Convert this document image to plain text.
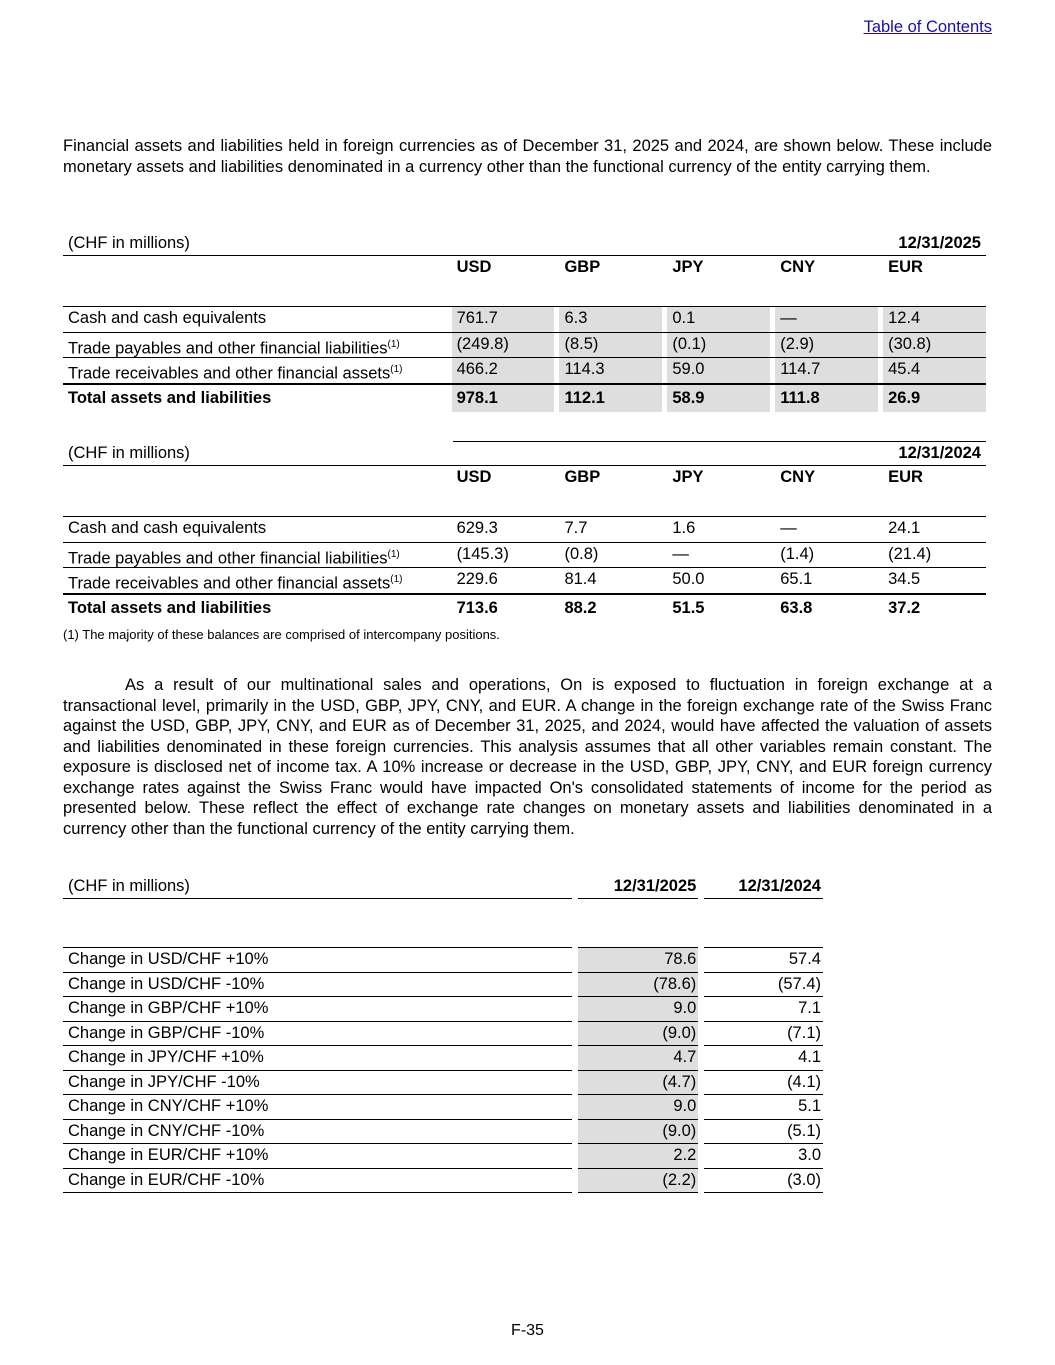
Table of Contents

Financial assets and liabilities held in foreign currencies as of December 31, 2025 and 2024, are shown below. These include monetary assets and liabilities denominated in a currency other than the functional currency of the entity carrying them.

(CHF in millions)	12/31/2025
USD	GBP	JPY	CNY	EUR
Cash and cash equivalents	761.7	6.3	0.1	—	12.4
Trade payables and other financial liabilities$^{(1)}$	(249.8)	(8.5)	(0.1)	(2.9)	(30.8)
Trade receivables and other financial assets$^{(1)}$	466.2	114.3	59.0	114.7	45.4
Total assets and liabilities	978.1	112.1	58.9	111.8	26.9
(CHF in millions)	12/31/2024
USD	GBP	JPY	CNY	EUR
Cash and cash equivalents	629.3	7.7	1.6	—	24.1
Trade payables and other financial liabilities$^{(1)}$	(145.3)	(0.8)	—	(1.4)	(21.4)
Trade receivables and other financial assets$^{(1)}$	229.6	81.4	50.0	65.1	34.5
Total assets and liabilities	713.6	88.2	51.5	63.8	37.2

(1) The majority of these balances are comprised of intercompany positions.

As a result of our multinational sales and operations, On is exposed to fluctuation in foreign exchange at a transactional level, primarily in the USD, GBP, JPY, CNY, and EUR. A change in the foreign exchange rate of the Swiss Franc against the USD, GBP, JPY, CNY, and EUR as of December 31, 2025, and 2024, would have affected the valuation of assets and liabilities denominated in these foreign currencies. This analysis assumes that all other variables remain constant. The exposure is disclosed net of income tax. A 10% increase or decrease in the USD, GBP, JPY, CNY, and EUR foreign currency exchange rates against the Swiss Franc would have impacted On's consolidated statements of income for the period as presented below. These reflect the effect of exchange rate changes on monetary assets and liabilities denominated in a currency other than the functional currency of the entity carrying them.

(CHF in millions)	12/31/2025	12/31/2024
Change in USD/CHF +10%	78.6	57.4
Change in USD/CHF -10%	(78.6)	(57.4)
Change in GBP/CHF +10%	9.0	7.1
Change in GBP/CHF -10%	(9.0)	(7.1)
Change in JPY/CHF +10%	4.7	4.1
Change in JPY/CHF -10%	(4.7)	(4.1)
Change in CNY/CHF +10%	9.0	5.1
Change in CNY/CHF -10%	(9.0)	(5.1)
Change in EUR/CHF +10%	2.2	3.0
Change in EUR/CHF -10%	(2.2)	(3.0)
F-35
